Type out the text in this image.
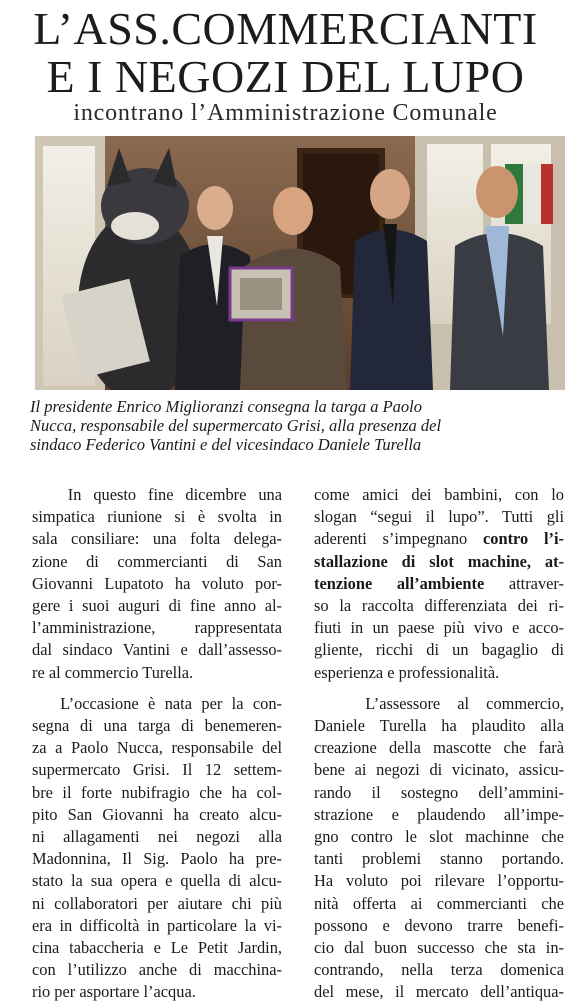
L’ASS.COMMERCIANTI
E I NEGOZI DEL LUPO
incontrano l’Amministrazione Comunale

Il presidente Enrico Miglioranzi consegna la targa a Paolo

Nucca, responsabile del supermercato Grisi, alla presenza del

sindaco Federico Vantini e del vicesindaco Daniele Turella

In questo fine dicembre una
simpatica riunione si è svolta in
sala consiliare: una folta delega-
zione di commercianti di San
Giovanni Lupatoto ha voluto por-
gere i suoi auguri di fine anno al-
l’amministrazione, rappresentata
dal sindaco Vantini e dall’assesso-
re al commercio Turella.

L’occasione è nata per la con-
segna di una targa di benemeren-
za a Paolo Nucca, responsabile del
supermercato Grisi. Il 12 settem-
bre il forte nubifragio che ha col-
pito San Giovanni ha creato alcu-
ni allagamenti nei negozi alla
Madonnina, Il Sig. Paolo ha pre-
stato la sua opera e quella di alcu-
ni collaboratori per aiutare chi più
era in difficoltà in particolare la vi-
cina tabaccheria e Le Petit Jardin,
con l’utilizzo anche di macchina-
rio per asportare l’acqua.

come amici dei bambini, con lo
slogan “segui il lupo”. Tutti gli
aderenti s’impegnano contro l’i-
stallazione di slot machine, at-
tenzione all’ambiente attraver-
so la raccolta differenziata dei ri-
fiuti in un paese più vivo e acco-
gliente, ricchi di un bagaglio di
esperienza e professionalità.

L’assessore al commercio,
Daniele Turella ha plaudito alla
creazione della mascotte che farà
bene ai negozi di vicinato, assicu-
rando il sostegno dell’ammini-
strazione e plaudendo all’impe-
gno contro le slot machinne che
tanti problemi stanno portando.
Ha voluto poi rilevare l’opportu-
nità offerta ai commercianti che
possono e devono trarre benefi-
cio dal buon successo che sta in-
contrando, nella terza domenica
del mese, il mercato dell’antiqua-
